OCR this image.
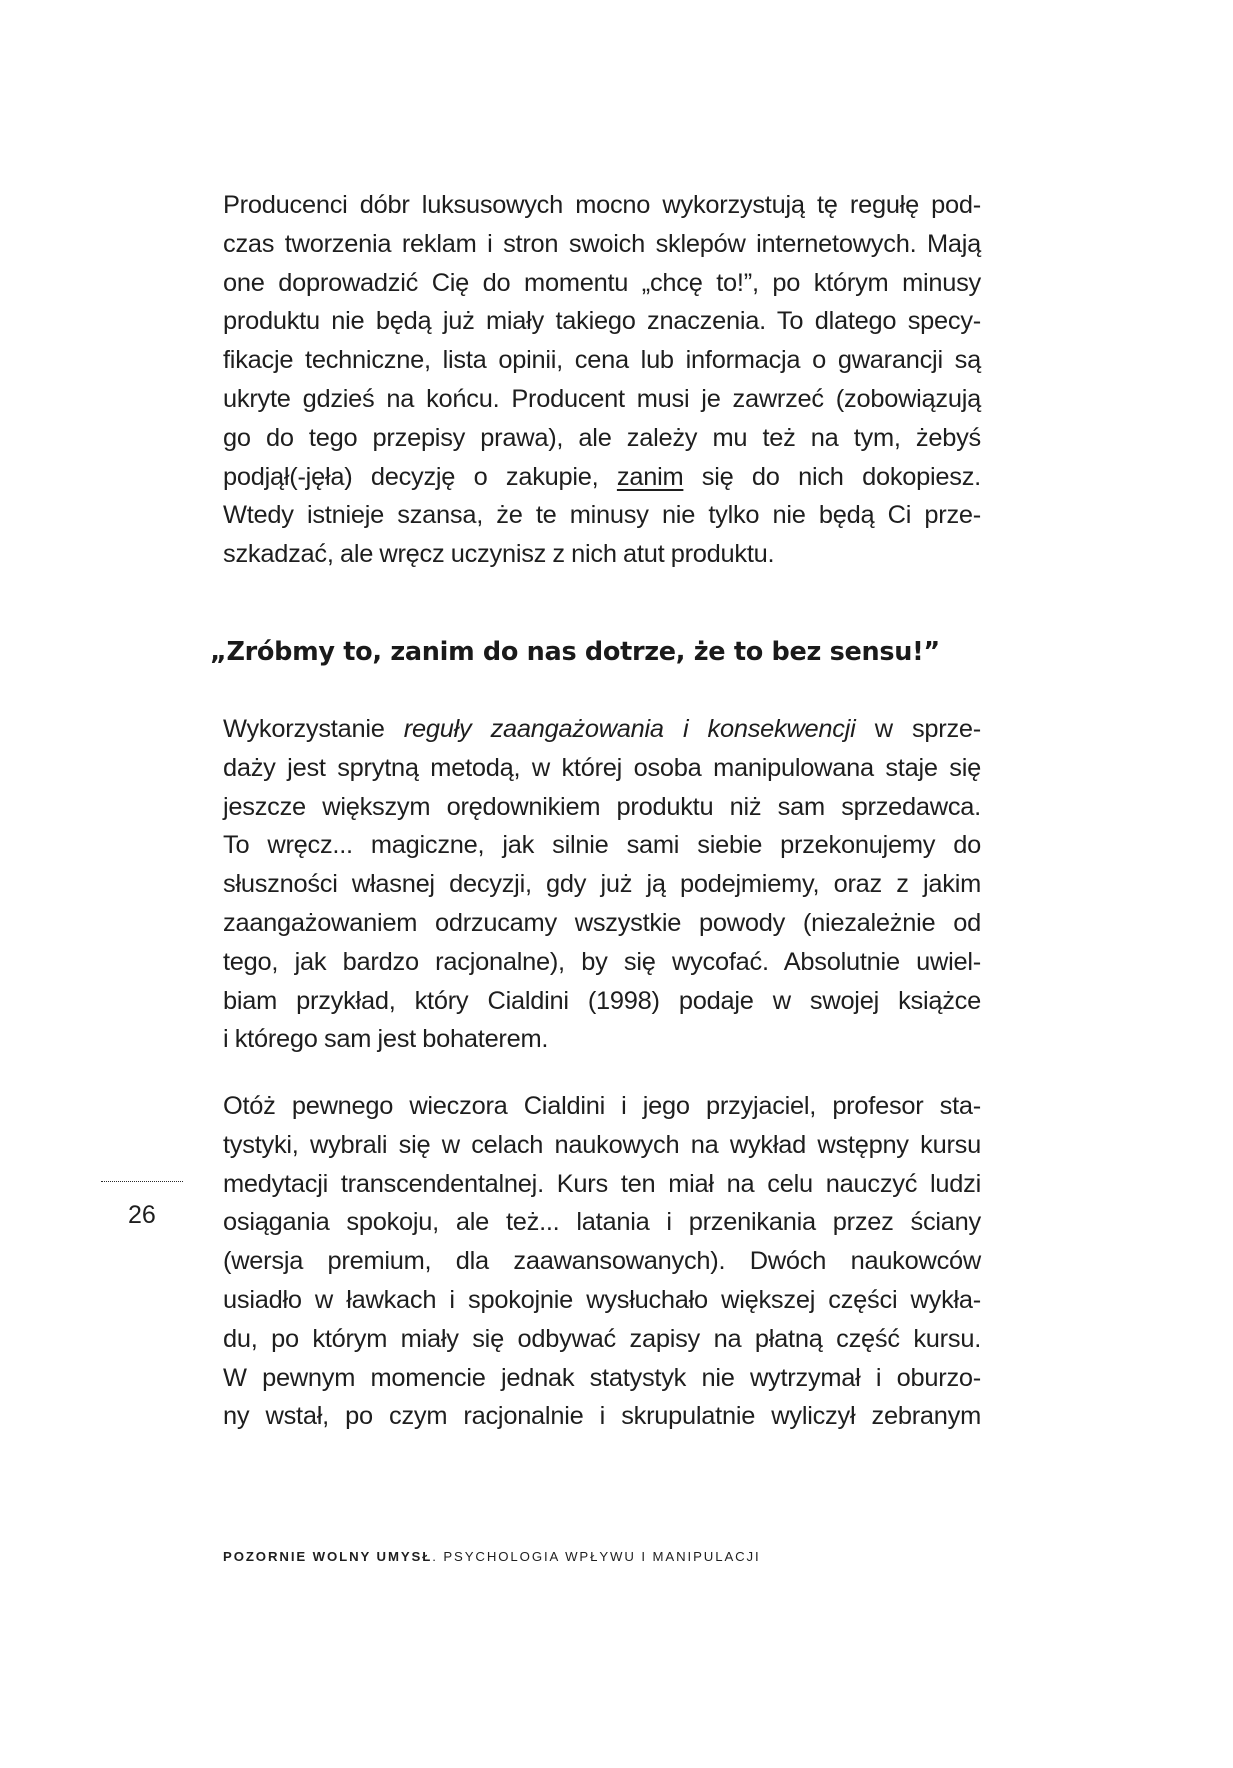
Producenci dóbr luksusowych mocno wykorzystują tę regułę pod-
czas tworzenia reklam i stron swoich sklepów internetowych. Mają
one doprowadzić Cię do momentu „chcę to!”, po którym minusy
produktu nie będą już miały takiego znaczenia. To dlatego specy-
fikacje techniczne, lista opinii, cena lub informacja o gwarancji są
ukryte gdzieś na końcu. Producent musi je zawrzeć (zobowiązują
go do tego przepisy prawa), ale zależy mu też na tym, żebyś
podjął(-jęła) decyzję o zakupie, zanim się do nich dokopiesz.
Wtedy istnieje szansa, że te minusy nie tylko nie będą Ci prze-
szkadzać, ale wręcz uczynisz z nich atut produktu.

„Zróbmy to, zanim do nas dotrze, że to bez sensu!”

Wykorzystanie reguły zaangażowania i konsekwencji w sprze-
daży jest sprytną metodą, w której osoba manipulowana staje się
jeszcze większym orędownikiem produktu niż sam sprzedawca.
To wręcz... magiczne, jak silnie sami siebie przekonujemy do
słuszności własnej decyzji, gdy już ją podejmiemy, oraz z jakim
zaangażowaniem odrzucamy wszystkie powody (niezależnie od
tego, jak bardzo racjonalne), by się wycofać. Absolutnie uwiel-
biam przykład, który Cialdini (1998) podaje w swojej książce
i którego sam jest bohaterem.

Otóż pewnego wieczora Cialdini i jego przyjaciel, profesor sta-
tystyki, wybrali się w celach naukowych na wykład wstępny kursu
medytacji transcendentalnej. Kurs ten miał na celu nauczyć ludzi
osiągania spokoju, ale też... latania i przenikania przez ściany
(wersja premium, dla zaawansowanych). Dwóch naukowców
usiadło w ławkach i spokojnie wysłuchało większej części wykła-
du, po którym miały się odbywać zapisy na płatną część kursu.
W pewnym momencie jednak statystyk nie wytrzymał i oburzo-
ny wstał, po czym racjonalnie i skrupulatnie wyliczył zebranym

26
POZORNIE WOLNY UMYSŁ. PSYCHOLOGIA WPŁYWU I MANIPULACJI
